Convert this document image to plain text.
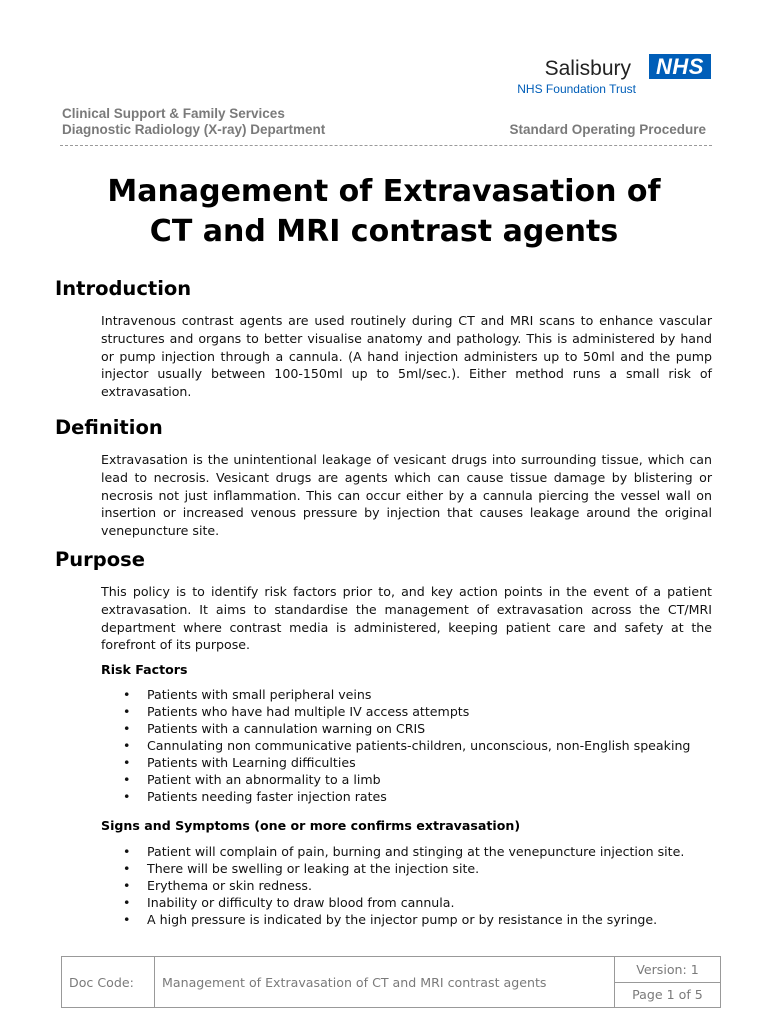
Salisbury	NHS
NHS Foundation Trust
Clinical Support & Family Services
Diagnostic Radiology (X-ray) Department	Standard Operating Procedure
Management of Extravasation of
CT and MRI contrast agents
Introduction

Intravenous contrast agents are used routinely during CT and MRI scans to enhance vascular structures and organs to better visualise anatomy and pathology. This is administered by hand or pump injection through a cannula. (A hand injection administers up to 50ml and the pump injector usually between 100-150ml up to 5ml/sec.). Either method runs a small risk of extravasation.

Definition

Extravasation is the unintentional leakage of vesicant drugs into surrounding tissue, which can lead to necrosis. Vesicant drugs are agents which can cause tissue damage by blistering or necrosis not just inflammation. This can occur either by a cannula piercing the vessel wall on insertion or increased venous pressure by injection that causes leakage around the original venepuncture site.

Purpose

This policy is to identify risk factors prior to, and key action points in the event of a patient extravasation. It aims to standardise the management of extravasation across the CT/MRI department where contrast media is administered, keeping patient care and safety at the forefront of its purpose.

Risk Factors
• Patients with small peripheral veins
• Patients who have had multiple IV access attempts
• Patients with a cannulation warning on CRIS
• Cannulating non communicative patients-children, unconscious, non-English speaking
• Patients with Learning difficulties
• Patient with an abnormality to a limb
• Patients needing faster injection rates
Signs and Symptoms (one or more confirms extravasation)
• Patient will complain of pain, burning and stinging at the venepuncture injection site.
• There will be swelling or leaking at the injection site.
• Erythema or skin redness.
• Inability or difficulty to draw blood from cannula.
• A high pressure is indicated by the injector pump or by resistance in the syringe.
Doc Code:	Management of Extravasation of CT and MRI contrast agents	Version: 1
Page 1 of 5
